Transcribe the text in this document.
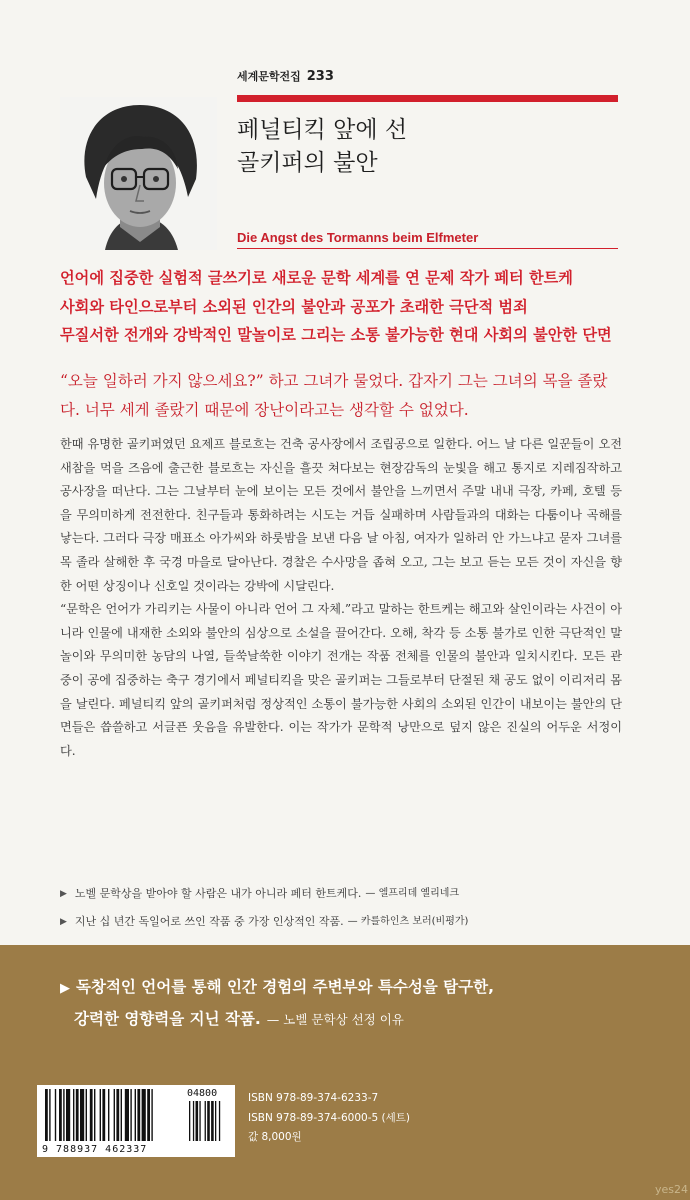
세계문학전집 233
페널티킥 앞에 선
골키퍼의 불안
Die Angst des Tormanns beim Elfmeter
언어에 집중한 실험적 글쓰기로 새로운 문학 세계를 연 문제 작가 페터 한트케
사회와 타인으로부터 소외된 인간의 불안과 공포가 초래한 극단적 범죄
무질서한 전개와 강박적인 말놀이로 그리는 소통 불가능한 현대 사회의 불안한 단면
“오늘 일하러 가지 않으세요?” 하고 그녀가 물었다. 갑자기 그는 그녀의 목을 졸랐다. 너무 세게 졸랐기 때문에 장난이라고는 생각할 수 없었다.

한때 유명한 골키퍼였던 요제프 블로흐는 건축 공사장에서 조립공으로 일한다. 어느 날 다른 일꾼들이 오전 새참을 먹을 즈음에 출근한 블로흐는 자신을 흘끗 쳐다보는 현장감독의 눈빛을 해고 통지로 지레짐작하고 공사장을 떠난다. 그는 그날부터 눈에 보이는 모든 것에서 불안을 느끼면서 주말 내내 극장, 카페, 호텔 등을 무의미하게 전전한다. 친구들과 통화하려는 시도는 거듭 실패하며 사람들과의 대화는 다툼이나 곡해를 낳는다. 그러다 극장 매표소 아가씨와 하룻밤을 보낸 다음 날 아침, 여자가 일하러 안 가느냐고 묻자 그녀를 목 졸라 살해한 후 국경 마을로 달아난다. 경찰은 수사망을 좁혀 오고, 그는 보고 듣는 모든 것이 자신을 향한 어떤 상징이나 신호일 것이라는 강박에 시달린다.

“문학은 언어가 가리키는 사물이 아니라 언어 그 자체.”라고 말하는 한트케는 해고와 살인이라는 사건이 아니라 인물에 내재한 소외와 불안의 심상으로 소설을 끌어간다. 오해, 착각 등 소통 불가로 인한 극단적인 말놀이와 무의미한 농담의 나열, 들쑥날쑥한 이야기 전개는 작품 전체를 인물의 불안과 일치시킨다. 모든 관중이 공에 집중하는 축구 경기에서 페널티킥을 맞은 골키퍼는 그들로부터 단절된 채 공도 없이 이리저리 몸을 날린다. 페널티킥 앞의 골키퍼처럼 정상적인 소통이 불가능한 사회의 소외된 인간이 내보이는 불안의 단면들은 씁쓸하고 서글픈 웃음을 유발한다. 이는 작가가 문학적 낭만으로 덮지 않은 진실의 어두운 서정이다.

▶ 노벨 문학상을 받아야 할 사람은 내가 아니라 페터 한트케다. — 엘프리데 옐리네크
▶ 지난 십 년간 독일어로 쓰인 작품 중 가장 인상적인 작품. — 카를하인츠 보러(비평가)
▶ 독창적인 언어를 통해 인간 경험의 주변부와 특수성을 탐구한,
강력한 영향력을 지닌 작품. — 노벨 문학상 선정 이유
04800
9 788937 462337
ISBN 978-89-374-6233-7
ISBN 978-89-374-6000-5 (세트)
값 8,000원
yes24
